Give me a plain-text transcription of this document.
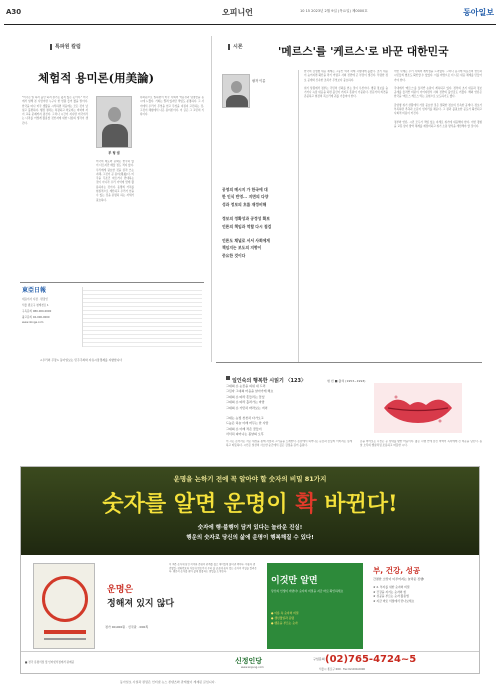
A30	오피니언	10 15 2023년 2월 9일 (목요일) 제0000호	동아일보
특파원 칼럼
체험적 용미론(用美論)

"미국은 일 하러 올만 하지 살기는 쉽지 않은 곳이다." 미국에서 일해 본 사람이면 누구나 한 번쯤 들어 봤을 말이다. 한국을 떠나 미국 생활을 시작하면 처음에는 모든 것이 낯설고 불편하다. 행정 절차는 복잡하고 의료비는 비싸며 자녀 교육 문제까지 겹친다. 그러나 시간이 지나면 미국이라는 나라를 어떻게 활용할 것인지에 대한 나름의 생각이 생긴다.

부 형 권

미국의 제도와 문화는 한국과 많이 다르지만 배울 점도 적지 않다. 우리에게 필요한 것을 골라 쓰는 지혜, 그것이 곧 용미(用美)다. 미국을 무조건 따르거나 반대하는 것이 아니라 우리 이익에 맞게 활용하자는 것이다. 동맹의 가치를 현실적으로 계산하고 우리가 얻을 수 있는 것을 분명히 하는 자세가 필요하다.

특파원으로 일하면서 미국 사회의 역동성과 냉정함을 동시에 느꼈다. 기회는 열려 있지만 책임도 분명하다. 그 사이에서 우리가 무엇을 얻고 무엇을 지킬지 고민하는 것, 그것이 체험에서 나온 용미론이다. 이 글은 그 고민의 기록이다.

東亞日報
대표이사 사장 · 편집인
서울 종로구 청계천로 1
구독문의 080-000-0000
광고문의 02-000-0000
www.donga.com
<우리의 주장> 동아일보는 민주주의와 자유시장경제를 지향합니다
시론
필자 이름
공영의 메시지 가 한국에 대
한 인식 반영... 지면의 다양
성과 정보의 흐름 재정비해
정보의 정확성과 공정성 확보
언론의 책임과 역할 다시 점검
언론도 채널로 서서 사회에게
책임지는 보도의 지향이
중요한 것이다
'메르스'를 '케르스'로 바꾼 대한민국

한국의 감염병 대응 체계는 그동안 여러 차례 시험대에 올랐다. 초기 대응이 늦어지면 확산을 막기 어렵고 사회 전반에 큰 부담이 생긴다. 투명한 정보 공개와 신속한 조치가 무엇보다 중요하다.

위기 상황에서 정부는 국민의 신뢰를 얻는 것이 우선이다. 병원 정보를 숨기거나 늑장 대응을 하면 불신이 커지고 혼란이 가중된다. 전문가의 의견을 존중하고 현장의 목소리에 귀를 기울여야 한다.

이번 사태는 우리 사회의 취약점을 드러냈다. 그러나 동시에 의료진의 헌신과 시민들의 협조도 확인할 수 있었다. 이를 바탕으로 더 나은 대응 체계를 만들어 가야 한다.

국내에서 '메르스'를 둘러싼 논란이 계속되고 있다. 정부의 초기 대응과 정보 공개를 둘러싼 비판이 이어지면서 사회 전반의 불안감도 커졌다. 해외 언론은 한국을 '메르스 케르스'라는 표현으로 보도하기도 했다.

감염병 위기 상황에서 가장 중요한 것은 정확한 정보의 신속한 공개다. 정보가 부족하면 추측과 소문이 빈자리를 채운다. 그 결과 불필요한 공포가 확산되고 사회적 비용이 커진다.

정부와 언론, 시민 모두가 책임 있는 자세로 위기에 대응해야 한다. 이번 경험을 교훈 삼아 방역 체계를 재정비하고 위기 소통 방식을 개선해야 할 것이다.

일인숙의 행복한 시읽기 〈123〉	현 빈 ■ 출처 (1953~1993)
그대의 손 눈꽃을 피워 내 드리
그림자 그대의 마음을 날아가게 해요
그대의 손 따라 흔들리는 꽃잎
그대의 손 따라 흘러가는 바람
그대의 손 가만히 바라보는 저녁
그대는 눈빛 천천히 다가오고
드높은 하늘 아래 머무는 한 사람
그대의 손 아래 작은 꽃들이
서서히 피어나는 봄날의 오후

이 시는 손이라는 작은 대상을 통해 사랑과 그리움을 노래한다. 손끝에서 피어나는 눈꽃과 꽃잎의 이미지는 섬세하고 따뜻하다. 시인은 일상의 사소한 순간에서 깊은 감정을 길어 올린다.

손을 바라보는 시선은 곧 상대를 향한 마음이다. 짧은 시행 안에 담긴 여백이 독자에게 긴 여운을 남긴다. 봄날 오후의 햇살처럼 조용하고 따뜻한 시다.

운명을 논하기 전에 꼭 알아야 할 숫자의 비밀 81가지
숫자를 알면 운명이 확 바뀐다!
숫자에 행·불행이 담겨 있다는 놀라운 진실!
행운의 숫자로 당신의 삶에 운명이 행복해질 수 있다!
운명은
정해져 있지 않다
정가 00,000원 · 신국판 · 000쪽
이 책은 숫자에 담긴 의미와 운명의 관계를 쉽고 재미있게 풀어낸 책이다. 이름과 생년월일, 전화번호와 자동차 번호까지 우리 삶 곳곳에 숨어 있는 숫자의 비밀을 알려준다. 행운의 숫자를 찾아 삶에 활용하는 방법을 소개한다.
이것만 알면
당신의 인생이 바뀐다! 숫자의 비밀을 지금 바로 확인하세요
● 이름 속 숫자의 비밀
● 생년월일과 운명
● 행운을 부르는 숫자
부, 건강, 성공
간절한 소망이 이루어지는 놀라운 진행!
★ 2. 부자를 위한 숫자의 비밀
★ 건강을 지키는 숫자의 힘
★ 성공을 부르는 숫자 활용법
★ 지금 바로 서점에서 만나보세요
■ 전국 유명서점 및 인터넷서점에서 판매중	신정인당
www.sinjung.com
구입문의 (02)765-4724~5
서울시 종로구 000 · Fax 02-000-0000
동아일보 사설과 칼럼은 인터넷 뉴스 콘텐츠와 관계없이 게재된 글입니다.
